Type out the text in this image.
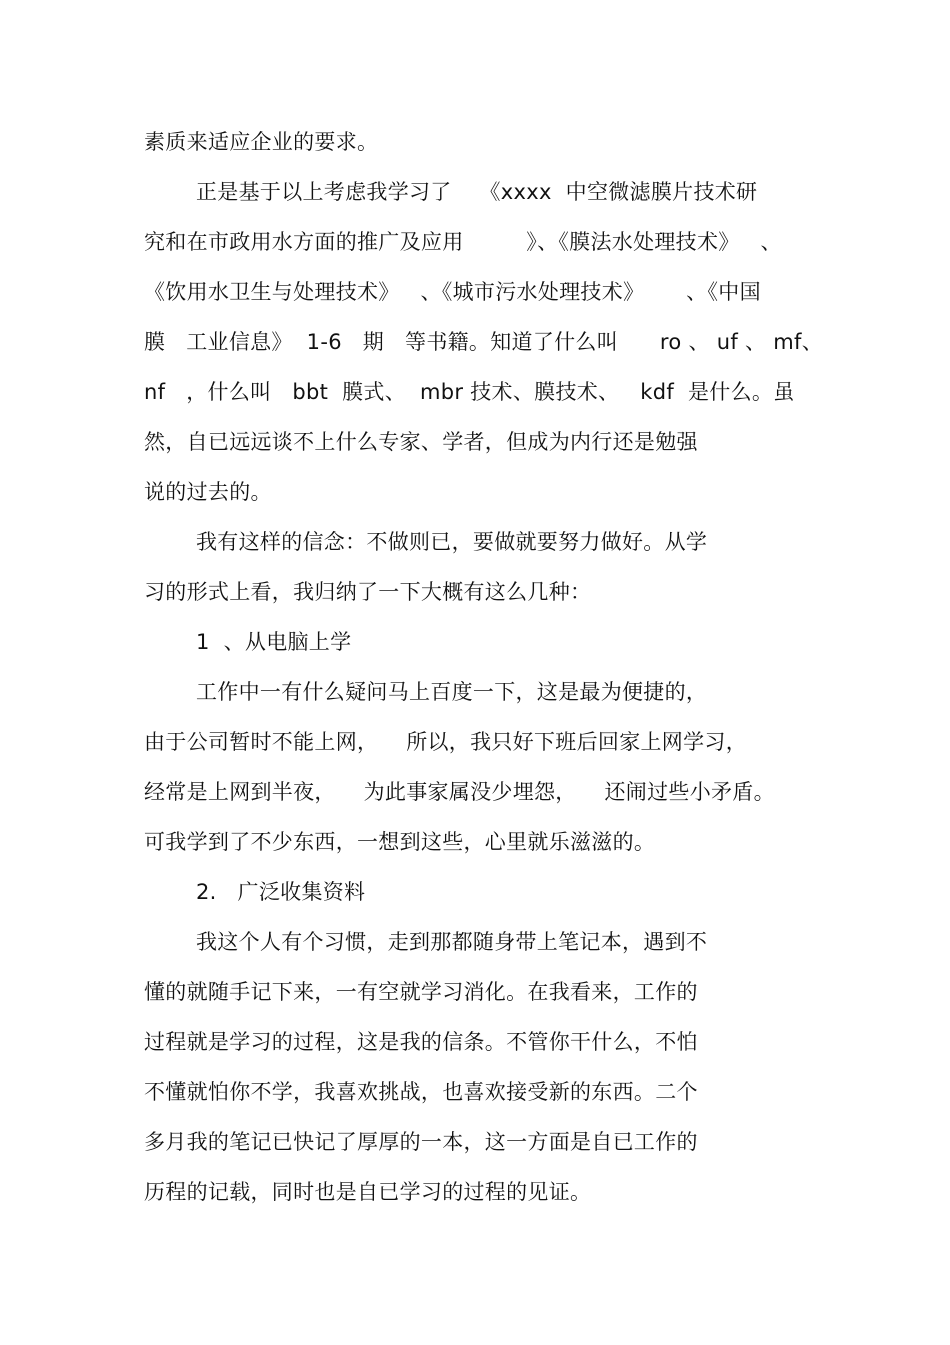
素质来适应企业的要求。
正是基于以上考虑我学习了    《xxxx  中空微滤膜片技术研
究和在市政用水方面的推广及应用         》、《膜法水处理技术》   、
《饮用水卫生与处理技术》   、《城市污水处理技术》      、《中国
膜   工业信息》  1-6   期   等书籍。知道了什么叫      ro 、 uf 、 mf、
nf   ，什么叫   bbt  膜式、  mbr 技术、膜技术、   kdf  是什么。虽
然，自已远远谈不上什么专家、学者，但成为内行还是勉强
说的过去的。
我有这样的信念：不做则已，要做就要努力做好。从学
习的形式上看，我归纳了一下大概有这么几种：
1  、从电脑上学
工作中一有什么疑问马上百度一下，这是最为便捷的，
由于公司暂时不能上网，    所以，我只好下班后回家上网学习，
经常是上网到半夜，    为此事家属没少埋怨，    还闹过些小矛盾。
可我学到了不少东西，一想到这些，心里就乐滋滋的。
2.   广泛收集资料
我这个人有个习惯，走到那都随身带上笔记本，遇到不
懂的就随手记下来，一有空就学习消化。在我看来，工作的
过程就是学习的过程，这是我的信条。不管你干什么，不怕
不懂就怕你不学，我喜欢挑战，也喜欢接受新的东西。二个
多月我的笔记已快记了厚厚的一本，这一方面是自已工作的
历程的记载，同时也是自已学习的过程的见证。
